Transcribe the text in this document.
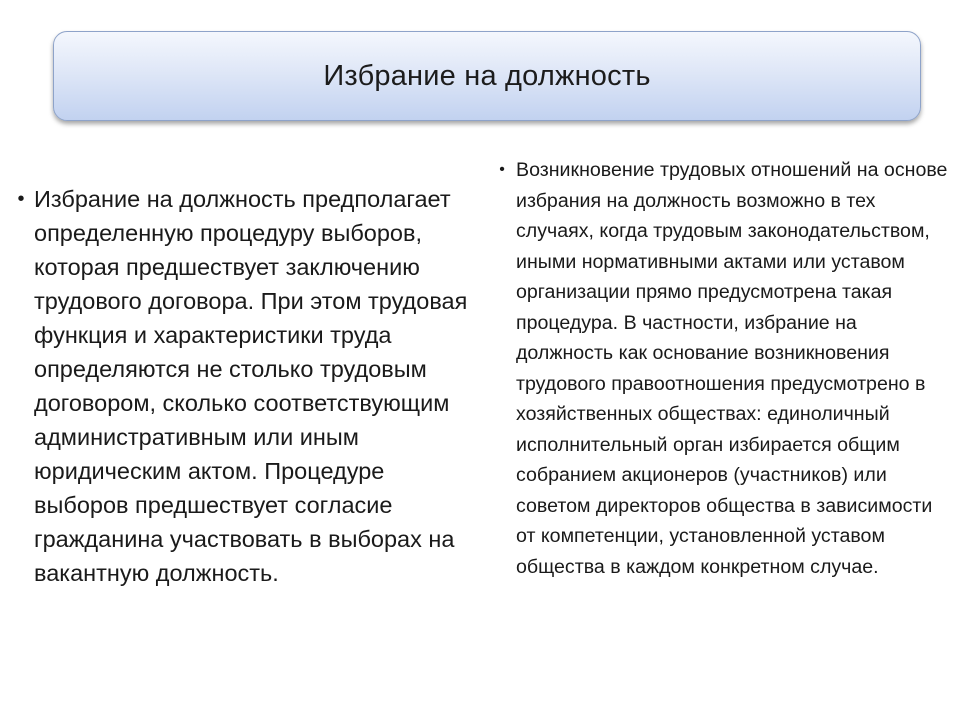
Избрание на должность
• Избрание на должность предполагает определенную процедуру выборов, которая предшествует заключению трудового договора. При этом трудовая функция и характеристики труда определяются не столько трудовым договором, сколько соответствующим административным или иным юридическим актом. Процедуре выборов предшествует согласие гражданина участвовать в выборах на вакантную должность.
• Возникновение трудовых отношений на основе избрания на должность возможно в тех случаях, когда трудовым законодательством, иными нормативными актами или уставом организации прямо предусмотрена такая процедура. В частности, избрание на должность как основание возникновения трудового правоотношения предусмотрено в хозяйственных обществах: единоличный исполнительный орган избирается общим собранием акционеров (участников) или советом директоров общества в зависимости от компетенции, установленной уставом общества в каждом конкретном случае.
